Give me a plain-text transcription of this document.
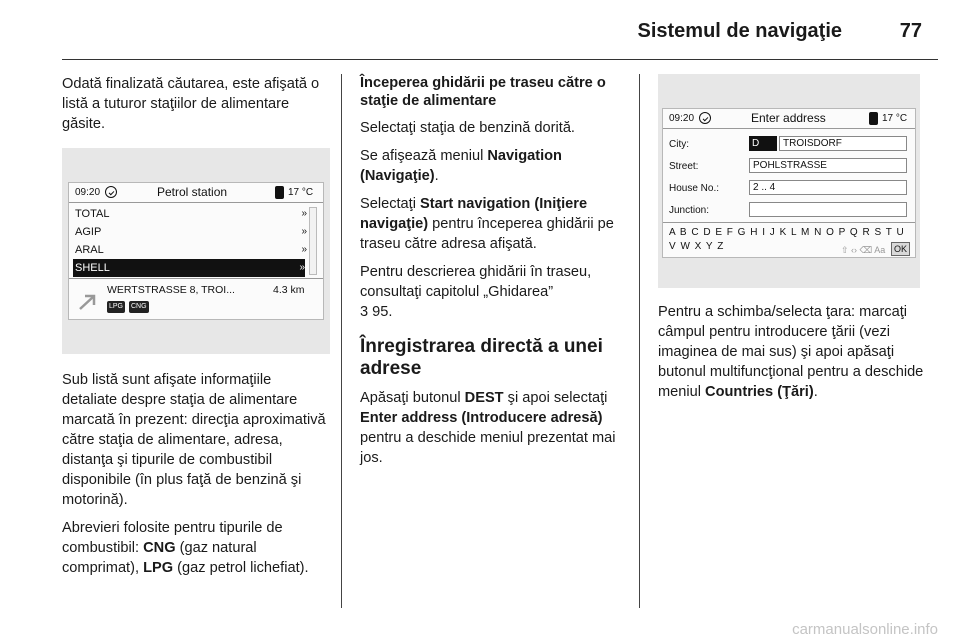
Sistemul de navigaţie	77

Odată finalizată căutarea, este afişată o listă a tuturor staţiilor de alimentare găsite.

09:20	Petrol station	17 °C
TOTAL	»
AGIP	»
ARAL	»
SHELL	»
WERTSTRASSE 8, TROI...	4.3 km
LPG CNG

Sub listă sunt afişate informaţiile detaliate despre staţia de alimentare marcată în prezent: direcţia aproximativă către staţia de alimentare, adresa, distanţa şi tipurile de combustibil disponibile (în plus faţă de benzină şi motorină).

Abrevieri folosite pentru tipurile de combustibil: CNG (gaz natural comprimat), LPG (gaz petrol lichefiat).

Începerea ghidării pe traseu către o staţie de alimentare

Selectaţi staţia de benzină dorită.

Se afişează meniul Navigation (Navigaţie).

Selectaţi Start navigation (Iniţiere navigaţie) pentru începerea ghidării pe traseu către adresa afişată.

Pentru descrierea ghidării în traseu, consultaţi capitolul „Ghidarea”
3 95.

Înregistrarea directă a unei adrese

Apăsaţi butonul DEST şi apoi selectaţi Enter address (Introducere adresă) pentru a deschide meniul prezentat mai jos.

09:20	Enter address	17 °C
City:	D	TROISDORF
Street:	POHLSTRASSE
House No.:	2 .. 4
Junction:
A B C D E F G H I J K L M N O P Q R S T U V W X Y Z	⇧ ‹› ⌫ Aa OK

Pentru a schimba/selecta ţara: marcaţi câmpul pentru introducere ţării (vezi imaginea de mai sus) şi apoi apăsaţi butonul multifuncţional pentru a deschide meniul Countries (Ţări).

carmanualsonline.info
